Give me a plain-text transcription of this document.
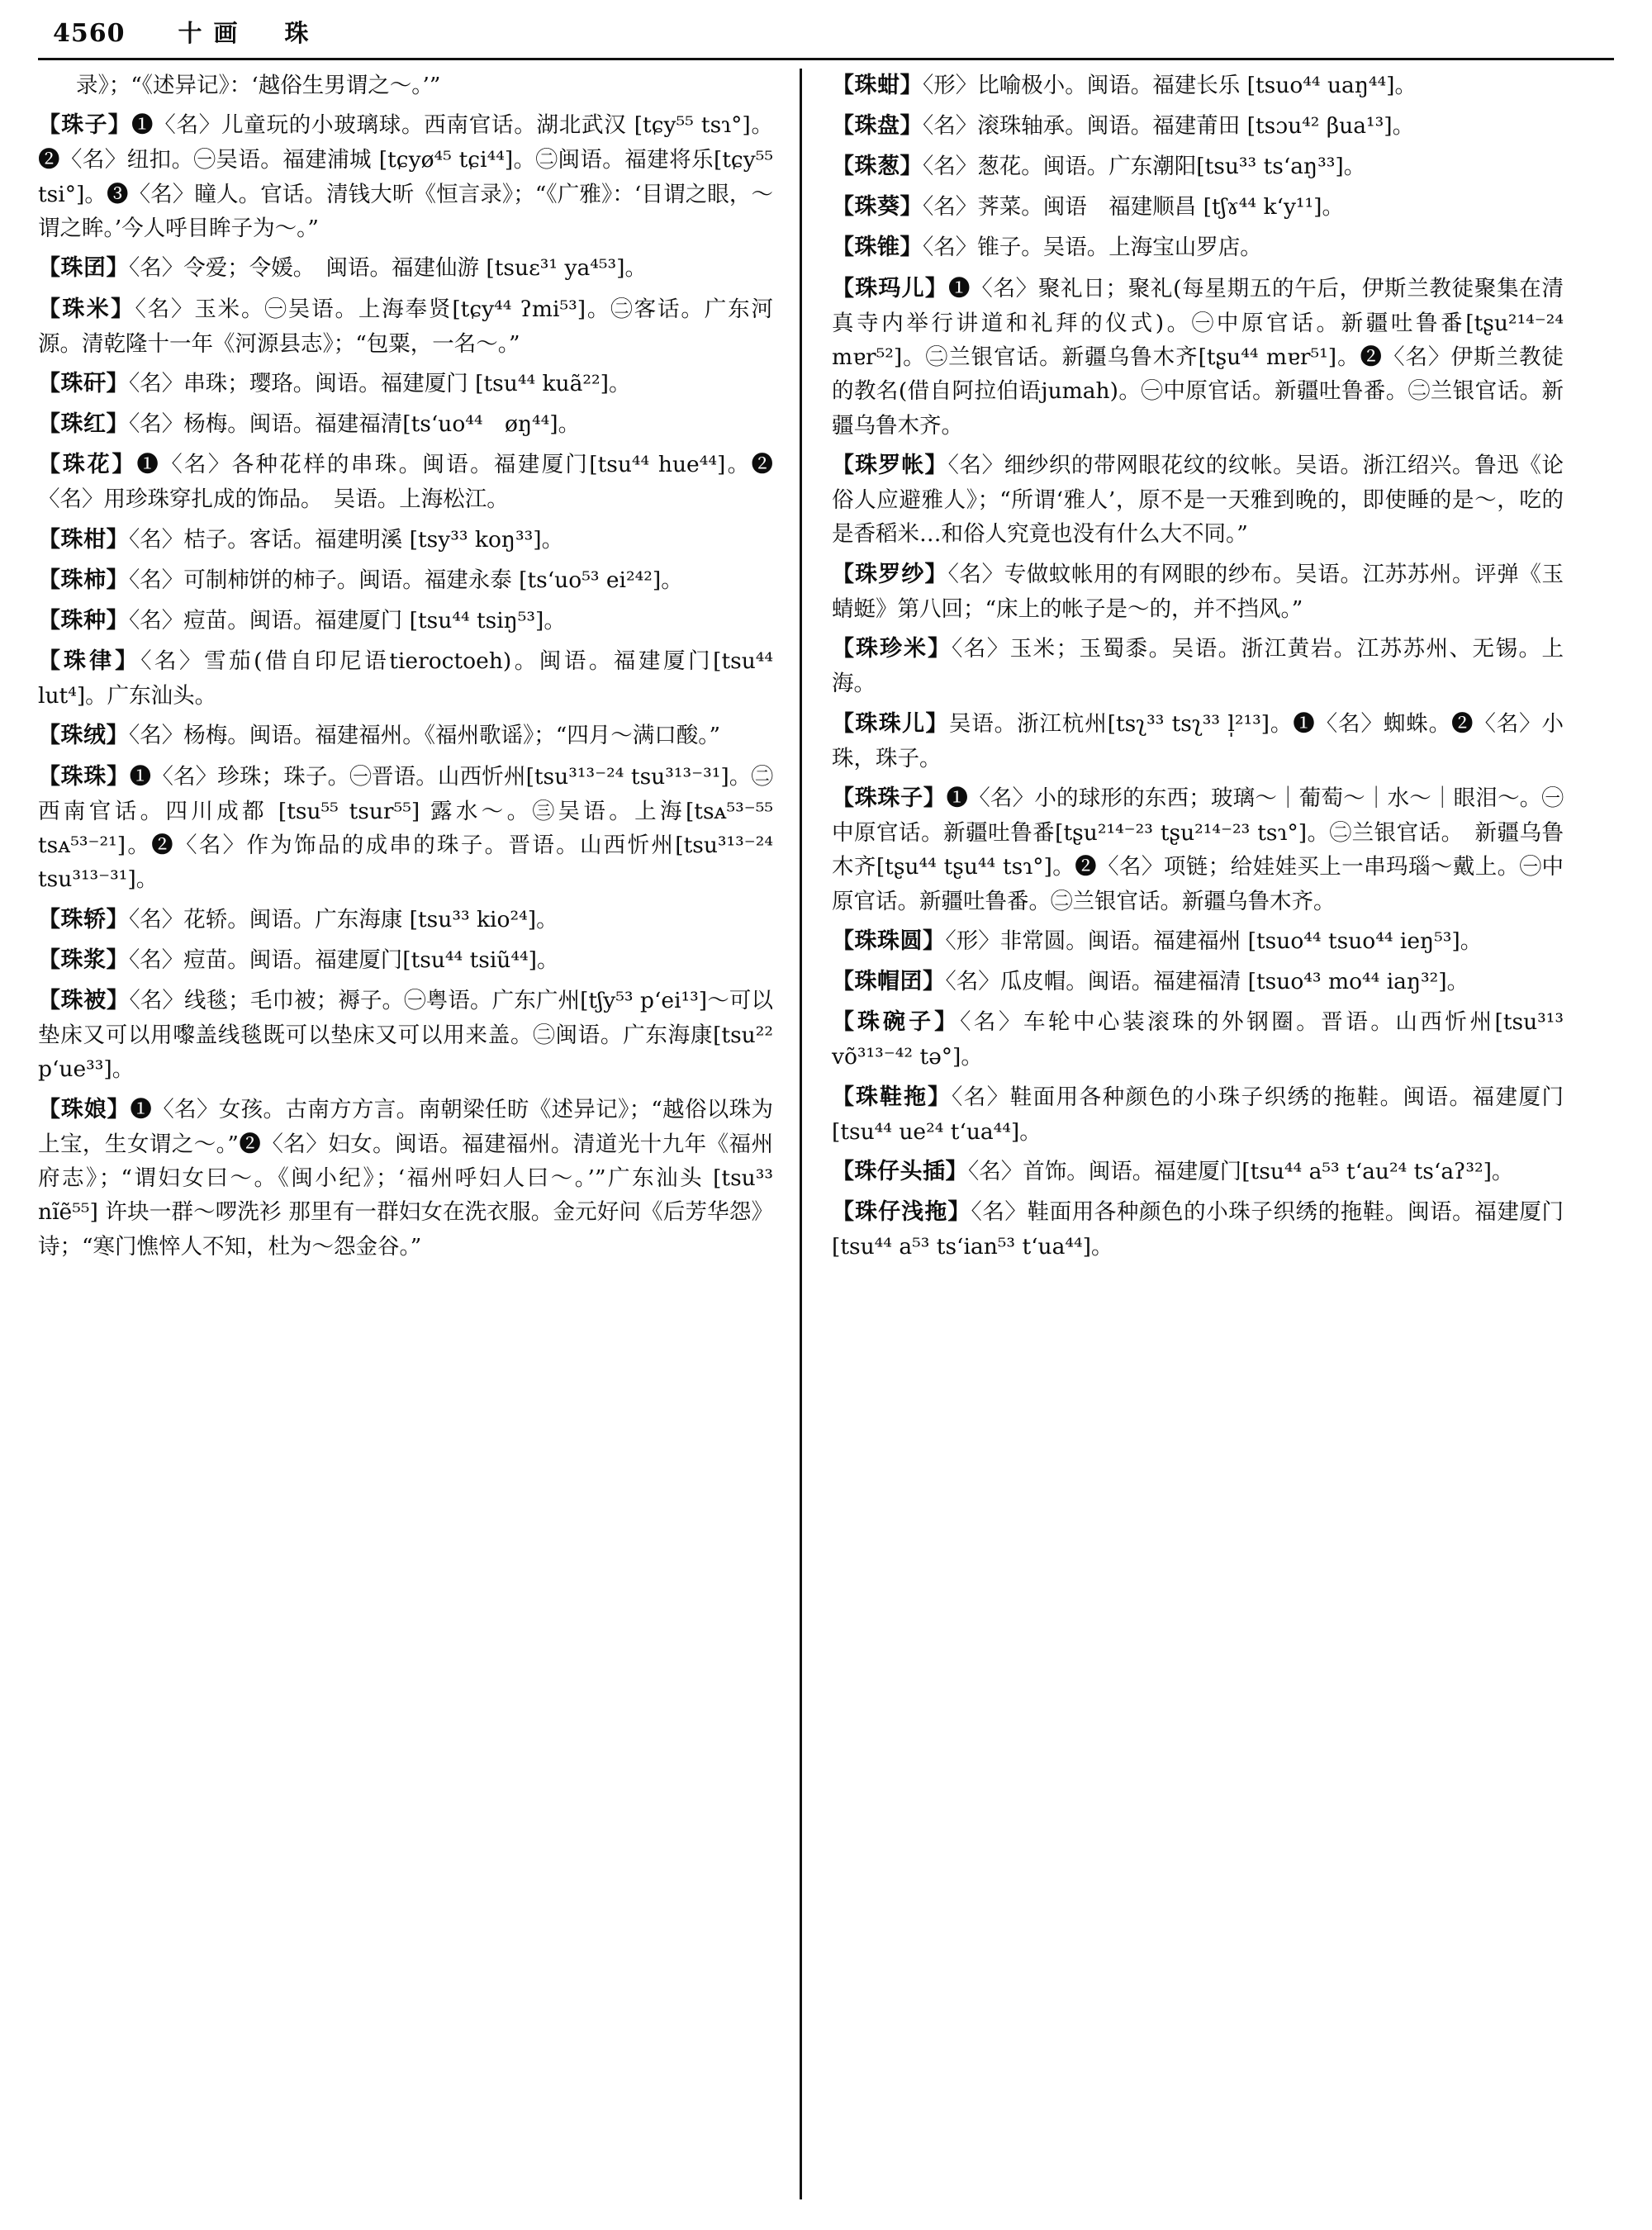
4560 十画　珠
录》；“《述异记》：‘越俗生男谓之～。’”
【珠子】❶〈名〉儿童玩的小玻璃球。西南官话。湖北武汉 [tɕy⁵⁵ tsɿ°]。❷〈名〉纽扣。㊀吴语。福建浦城 [tɕyø⁴⁵ tɕi⁴⁴]。㊁闽语。福建将乐[tɕy⁵⁵ tsi°]。❸〈名〉瞳人。官话。清钱大昕《恒言录》；“《广雅》：‘目谓之眼，～谓之眸。’今人呼目眸子为～。”
【珠囝】〈名〉令爱；令媛。　闽语。福建仙游 [tsuɛ³¹ ya⁴⁵³]。
【珠米】〈名〉玉米。㊀吴语。上海奉贤[tɕy⁴⁴ ʔmi⁵³]。㊁客话。广东河源。清乾隆十一年《河源县志》；“包粟，一名～。”
【珠矸】〈名〉串珠；璎珞。闽语。福建厦门 [tsu⁴⁴ kuã²²]。
【珠红】〈名〉杨梅。闽语。福建福清[ts‘uo⁴⁴　øŋ⁴⁴]。
【珠花】❶〈名〉各种花样的串珠。闽语。福建厦门[tsu⁴⁴ hue⁴⁴]。❷〈名〉用珍珠穿扎成的饰品。　吴语。上海松江。
【珠柑】〈名〉桔子。客话。福建明溪 [tsy³³ koŋ³³]。
【珠柿】〈名〉可制柿饼的柿子。闽语。福建永泰 [ts‘uo⁵³ ei²⁴²]。
【珠种】〈名〉痘苗。闽语。福建厦门 [tsu⁴⁴ tsiŋ⁵³]。
【珠律】〈名〉雪茄(借自印尼语tieroctoeh)。闽语。福建厦门[tsu⁴⁴ lut⁴]。广东汕头。
【珠绒】〈名〉杨梅。闽语。福建福州。《福州歌谣》；“四月～满口酸。”
【珠珠】❶〈名〉珍珠；珠子。㊀晋语。山西忻州[tsu³¹³⁻²⁴ tsu³¹³⁻³¹]。㊁西南官话。四川成都 [tsu⁵⁵ tsur⁵⁵] 露水～。㊂吴语。上海[tsᴀ⁵³⁻⁵⁵ tsᴀ⁵³⁻²¹]。❷〈名〉作为饰品的成串的珠子。晋语。山西忻州[tsu³¹³⁻²⁴ tsu³¹³⁻³¹]。
【珠轿】〈名〉花轿。闽语。广东海康 [tsu³³ kio²⁴]。
【珠浆】〈名〉痘苗。闽语。福建厦门[tsu⁴⁴ tsiũ⁴⁴]。
【珠被】〈名〉线毯；毛巾被；褥子。㊀粤语。广东广州[tʃy⁵³ p‘ei¹³]～可以垫床又可以用嚟盖线毯既可以垫床又可以用来盖。㊁闽语。广东海康[tsu²² p‘ue³³]。
【珠娘】❶〈名〉女孩。古南方方言。南朝梁任昉《述异记》；“越俗以珠为上宝，生女谓之～。”❷〈名〉妇女。闽语。福建福州。清道光十九年《福州府志》；“谓妇女曰～。《闽小纪》；‘福州呼妇人曰～。’”广东汕头 [tsu³³ nĩẽ⁵⁵] 许块一群～啰洗衫 那里有一群妇女在洗衣服。金元好问《后芳华怨》诗；“寒门憔悴人不知，杜为～怨金谷。”
【珠蚶】〈形〉比喻极小。闽语。福建长乐 [tsuo⁴⁴ uaŋ⁴⁴]。
【珠盘】〈名〉滚珠轴承。闽语。福建莆田 [tsɔu⁴² βua¹³]。
【珠葱】〈名〉葱花。闽语。广东潮阳[tsu³³ ts‘aŋ³³]。
【珠葵】〈名〉荠菜。闽语　福建顺昌 [tʃɤ⁴⁴ k‘y¹¹]。
【珠锥】〈名〉锥子。吴语。上海宝山罗店。
【珠玛儿】❶〈名〉聚礼日；聚礼(每星期五的午后，伊斯兰教徒聚集在清真寺内举行讲道和礼拜的仪式)。㊀中原官话。新疆吐鲁番[tʂu²¹⁴⁻²⁴　mɐr⁵²]。㊁兰银官话。新疆乌鲁木齐[tʂu⁴⁴ mɐr⁵¹]。❷〈名〉伊斯兰教徒的教名(借自阿拉伯语jumah)。㊀中原官话。新疆吐鲁番。㊁兰银官话。新疆乌鲁木齐。
【珠罗帐】〈名〉细纱织的带网眼花纹的纹帐。吴语。浙江绍兴。鲁迅《论俗人应避雅人》；“所谓‘雅人’，原不是一天雅到晚的，即使睡的是～，吃的是香稻米…和俗人究竟也没有什么大不同。”
【珠罗纱】〈名〉专做蚊帐用的有网眼的纱布。吴语。江苏苏州。评弹《玉蜻蜓》第八回；“床上的帐子是～的，并不挡风。”
【珠珍米】〈名〉玉米；玉蜀黍。吴语。浙江黄岩。江苏苏州、无锡。上海。
【珠珠儿】吴语。浙江杭州[tsʅ³³ tsʅ³³ l̩²¹³]。❶〈名〉蜘蛛。❷〈名〉小珠，珠子。
【珠珠子】❶〈名〉小的球形的东西；玻璃～｜葡萄～｜水～｜眼泪～。㊀中原官话。新疆吐鲁番[tʂu²¹⁴⁻²³ tʂu²¹⁴⁻²³ tsɿ°]。㊁兰银官话。　新疆乌鲁木齐[tʂu⁴⁴ tʂu⁴⁴ tsɿ°]。❷〈名〉项链；给娃娃买上一串玛瑙～戴上。㊀中原官话。新疆吐鲁番。㊁兰银官话。新疆乌鲁木齐。
【珠珠圆】〈形〉非常圆。闽语。福建福州 [tsuo⁴⁴ tsuo⁴⁴ ieŋ⁵³]。
【珠帽囝】〈名〉瓜皮帽。闽语。福建福清 [tsuo⁴³ mo⁴⁴ iaŋ³²]。
【珠碗子】〈名〉车轮中心装滚珠的外钢圈。晋语。山西忻州[tsu³¹³ võ³¹³⁻⁴² tə°]。
【珠鞋拖】〈名〉鞋面用各种颜色的小珠子织绣的拖鞋。闽语。福建厦门[tsu⁴⁴ ue²⁴ t‘ua⁴⁴]。
【珠仔头插】〈名〉首饰。闽语。福建厦门[tsu⁴⁴ a⁵³ t‘au²⁴ ts‘aʔ³²]。
【珠仔浅拖】〈名〉鞋面用各种颜色的小珠子织绣的拖鞋。闽语。福建厦门 [tsu⁴⁴ a⁵³ ts‘ian⁵³ t‘ua⁴⁴]。
